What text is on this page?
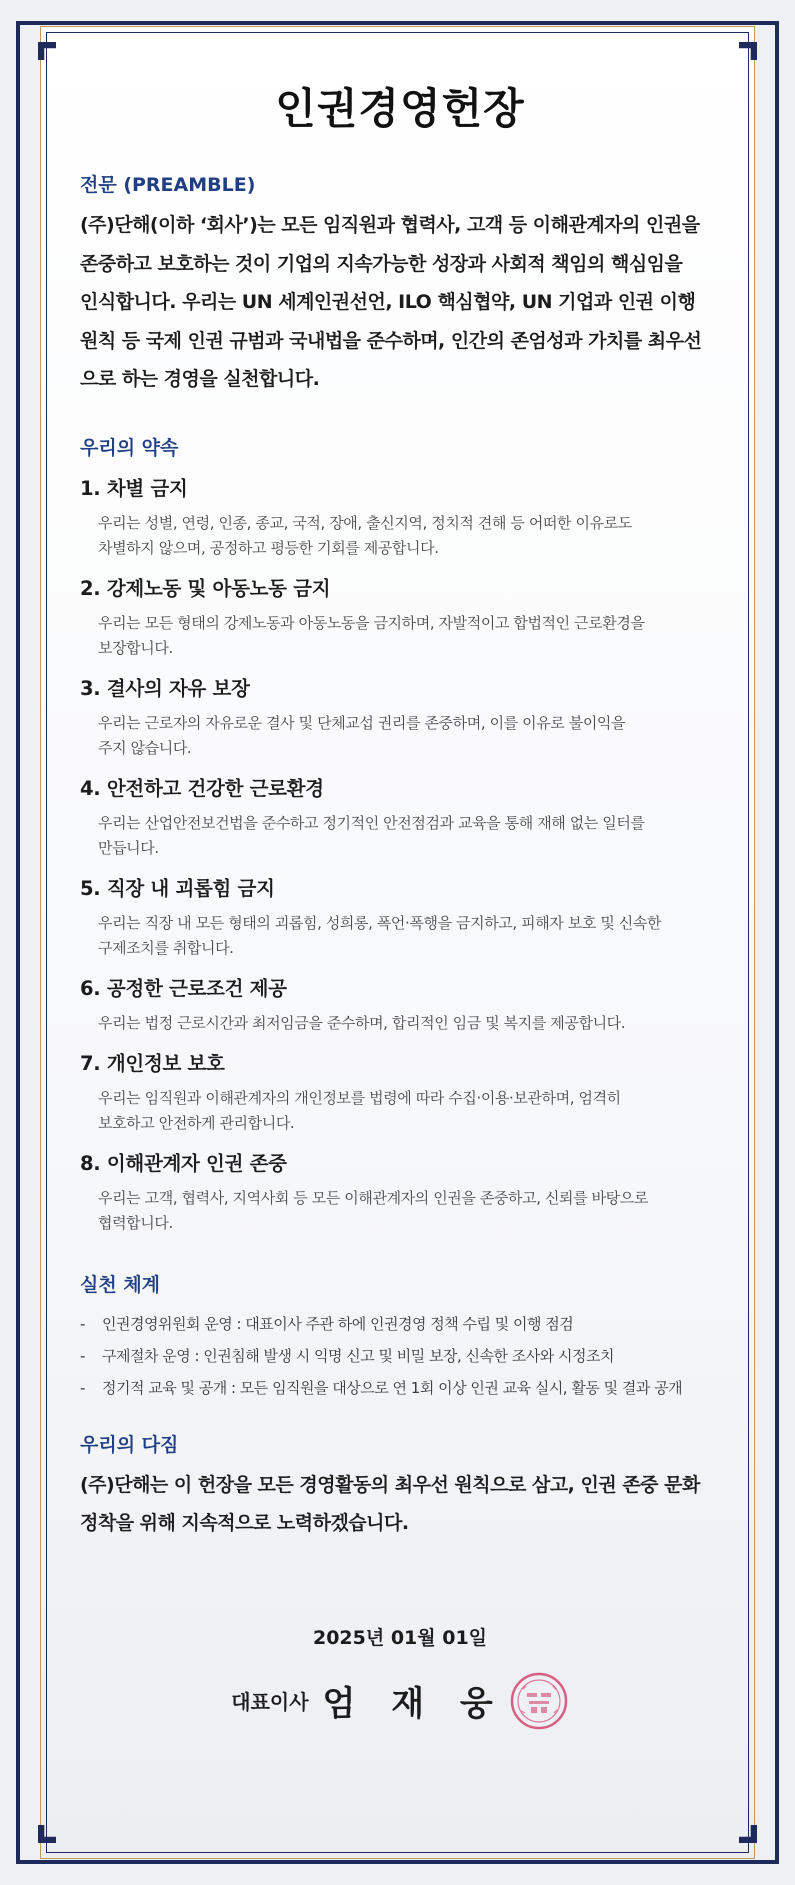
인권경영헌장
전문 (PREAMBLE)

(주)단해(이하 ‘회사’)는 모든 임직원과 협력사, 고객 등 이해관계자의 인권을
존중하고 보호하는 것이 기업의 지속가능한 성장과 사회적 책임의 핵심임을
인식합니다. 우리는 UN 세계인권선언, ILO 핵심협약, UN 기업과 인권 이행
원칙 등 국제 인권 규범과 국내법을 준수하며, 인간의 존엄성과 가치를 최우선
으로 하는 경영을 실천합니다.

우리의 약속
1. 차별 금지

우리는 성별, 연령, 인종, 종교, 국적, 장애, 출신지역, 정치적 견해 등 어떠한 이유로도
차별하지 않으며, 공정하고 평등한 기회를 제공합니다.

2. 강제노동 및 아동노동 금지

우리는 모든 형태의 강제노동과 아동노동을 금지하며, 자발적이고 합법적인 근로환경을
보장합니다.

3. 결사의 자유 보장

우리는 근로자의 자유로운 결사 및 단체교섭 권리를 존중하며, 이를 이유로 불이익을
주지 않습니다.

4. 안전하고 건강한 근로환경

우리는 산업안전보건법을 준수하고 정기적인 안전점검과 교육을 통해 재해 없는 일터를
만듭니다.

5. 직장 내 괴롭힘 금지

우리는 직장 내 모든 형태의 괴롭힘, 성희롱, 폭언·폭행을 금지하고, 피해자 보호 및 신속한
구제조치를 취합니다.

6. 공정한 근로조건 제공

우리는 법정 근로시간과 최저임금을 준수하며, 합리적인 임금 및 복지를 제공합니다.

7. 개인정보 보호

우리는 임직원과 이해관계자의 개인정보를 법령에 따라 수집·이용·보관하며, 엄격히
보호하고 안전하게 관리합니다.

8. 이해관계자 인권 존중

우리는 고객, 협력사, 지역사회 등 모든 이해관계자의 인권을 존중하고, 신뢰를 바탕으로
협력합니다.

실천 체계
-	인권경영위원회 운영 : 대표이사 주관 하에 인권경영 정책 수립 및 이행 점검
-	구제절차 운영 : 인권침해 발생 시 익명 신고 및 비밀 보장, 신속한 조사와 시정조치
-	정기적 교육 및 공개 : 모든 임직원을 대상으로 연 1회 이상 인권 교육 실시, 활동 및 결과 공개
우리의 다짐

(주)단해는 이 헌장을 모든 경영활동의 최우선 원칙으로 삼고, 인권 존중 문화
정착을 위해 지속적으로 노력하겠습니다.

2025년 01월 01일
대표이사 엄 재 웅
